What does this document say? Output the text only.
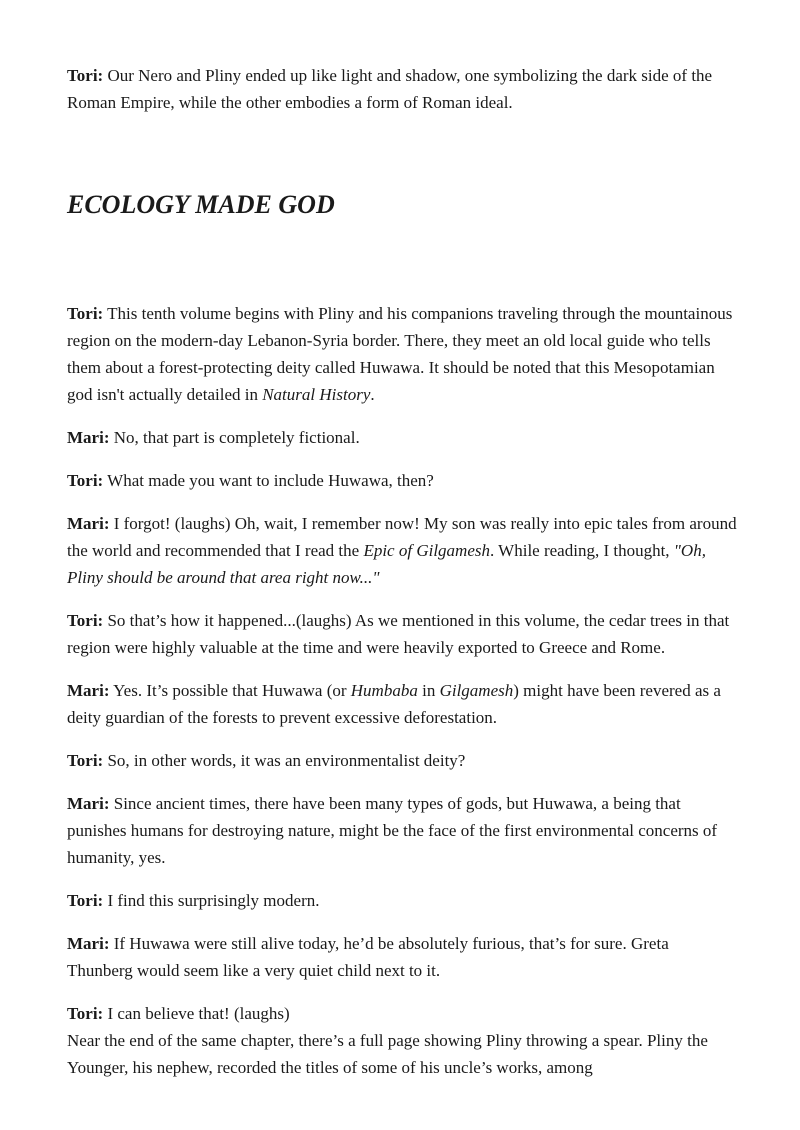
Tori: Our Nero and Pliny ended up like light and shadow, one symbolizing the dark side of the Roman Empire, while the other embodies a form of Roman ideal.

ECOLOGY MADE GOD

Tori: This tenth volume begins with Pliny and his companions traveling through the mountainous region on the modern-day Lebanon-Syria border. There, they meet an old local guide who tells them about a forest-protecting deity called Huwawa. It should be noted that this Mesopotamian god isn't actually detailed in Natural History.

Mari: No, that part is completely fictional.

Tori: What made you want to include Huwawa, then?

Mari: I forgot! (laughs) Oh, wait, I remember now! My son was really into epic tales from around the world and recommended that I read the Epic of Gilgamesh. While reading, I thought, "Oh, Pliny should be around that area right now..."

Tori: So that’s how it happened...(laughs) As we mentioned in this volume, the cedar trees in that region were highly valuable at the time and were heavily exported to Greece and Rome.

Mari: Yes. It’s possible that Huwawa (or Humbaba in Gilgamesh) might have been revered as a deity guardian of the forests to prevent excessive deforestation.

Tori: So, in other words, it was an environmentalist deity?

Mari: Since ancient times, there have been many types of gods, but Huwawa, a being that punishes humans for destroying nature, might be the face of the first environmental concerns of humanity, yes.

Tori: I find this surprisingly modern.

Mari: If Huwawa were still alive today, he’d be absolutely furious, that’s for sure. Greta Thunberg would seem like a very quiet child next to it.

Tori: I can believe that! (laughs)
Near the end of the same chapter, there’s a full page showing Pliny throwing a spear. Pliny the Younger, his nephew, recorded the titles of some of his uncle’s works, among
